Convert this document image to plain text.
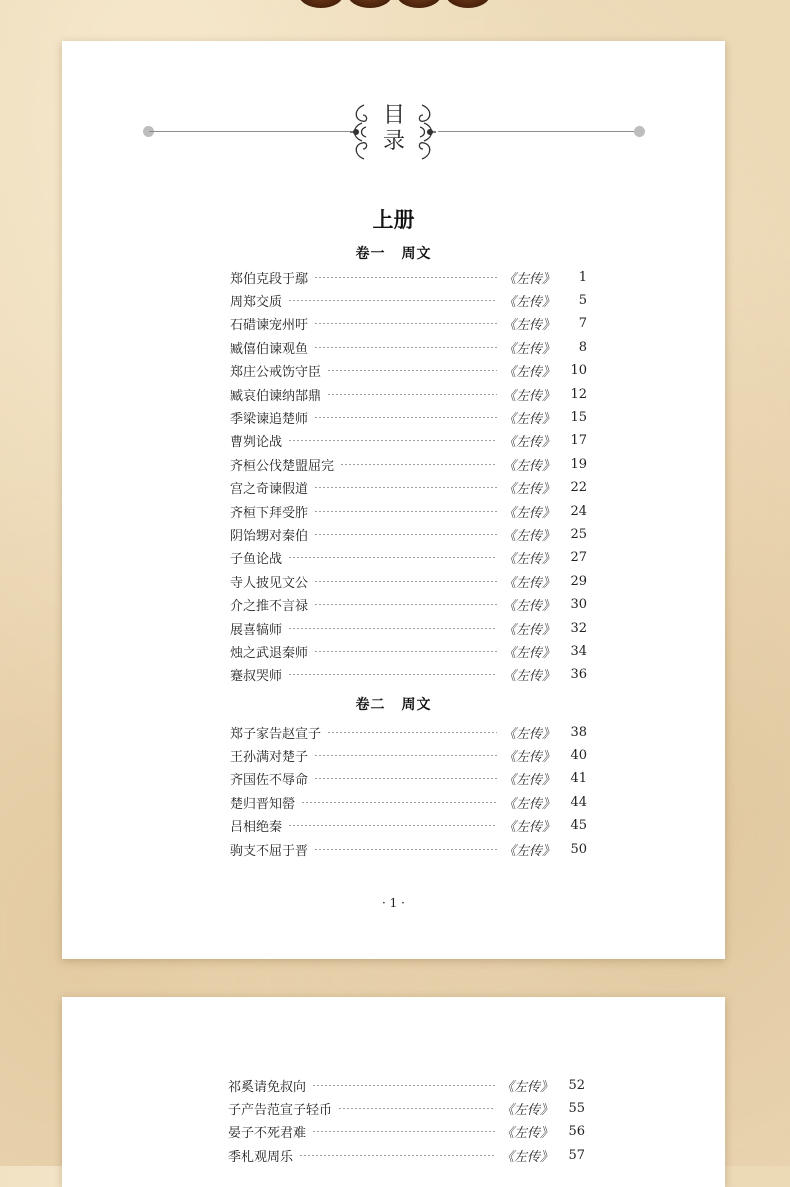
目录
上册
卷一 周文
郑伯克段于鄢	《左传》	1
周郑交质	《左传》	5
石碏谏宠州吁	《左传》	7
臧僖伯谏观鱼	《左传》	8
郑庄公戒饬守臣	《左传》	10
臧哀伯谏纳郜鼎	《左传》	12
季梁谏追楚师	《左传》	15
曹刿论战	《左传》	17
齐桓公伐楚盟屈完	《左传》	19
宫之奇谏假道	《左传》	22
齐桓下拜受胙	《左传》	24
阴饴甥对秦伯	《左传》	25
子鱼论战	《左传》	27
寺人披见文公	《左传》	29
介之推不言禄	《左传》	30
展喜犒师	《左传》	32
烛之武退秦师	《左传》	34
蹇叔哭师	《左传》	36
卷二 周文
郑子家告赵宣子	《左传》	38
王孙满对楚子	《左传》	40
齐国佐不辱命	《左传》	41
楚归晋知罃	《左传》	44
吕相绝秦	《左传》	45
驹支不屈于晋	《左传》	50
· 1 ·
祁奚请免叔向	《左传》	52
子产告范宣子轻币	《左传》	55
晏子不死君难	《左传》	56
季札观周乐	《左传》	57
